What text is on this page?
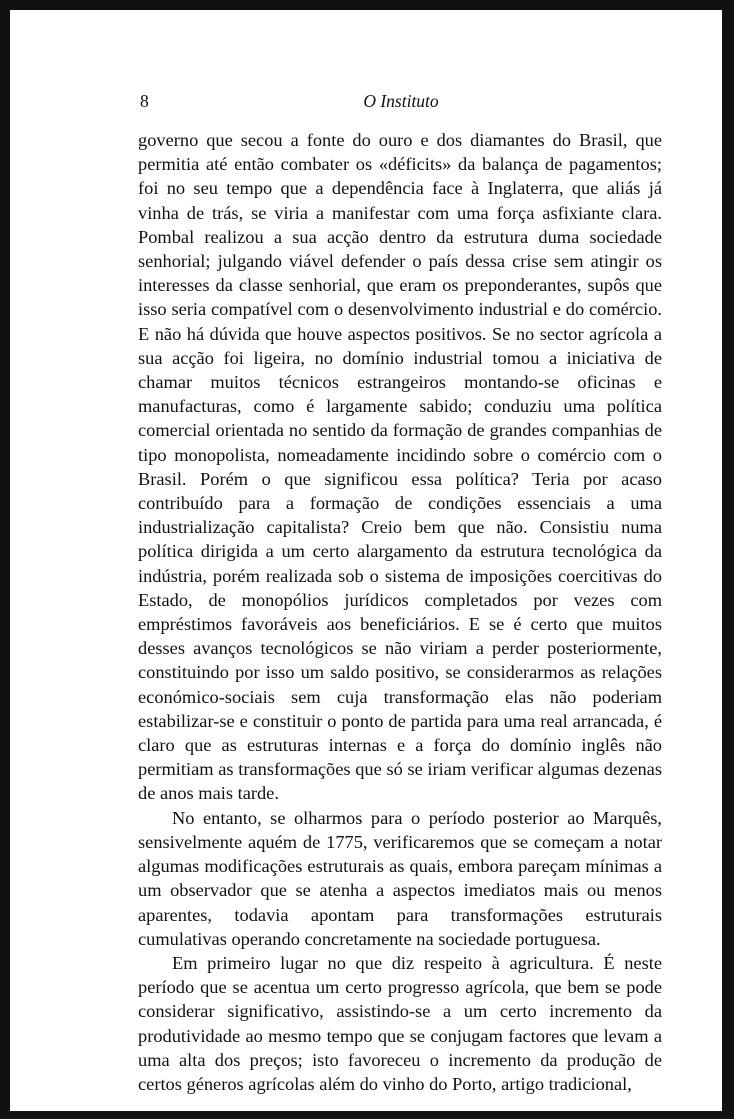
8	O Instituto

governo que secou a fonte do ouro e dos diamantes do Brasil, que permitia até então combater os «déficits» da balança de pagamentos; foi no seu tempo que a dependência face à Inglaterra, que aliás já vinha de trás, se viria a manifestar com uma força asfixiante clara. Pombal realizou a sua acção dentro da estrutura duma sociedade senhorial; julgando viável defender o país dessa crise sem atingir os interesses da classe senhorial, que eram os preponderantes, supôs que isso seria compatível com o desenvolvimento industrial e do comércio. E não há dúvida que houve aspectos positivos. Se no sector agrícola a sua acção foi ligeira, no domínio industrial tomou a iniciativa de chamar muitos técnicos estrangeiros montando-se oficinas e manufacturas, como é largamente sabido; conduziu uma política comercial orientada no sentido da formação de grandes companhias de tipo monopolista, nomeadamente incidindo sobre o comércio com o Brasil. Porém o que significou essa política? Teria por acaso contribuído para a formação de condições essenciais a uma industrialização capitalista? Creio bem que não. Consistiu numa política dirigida a um certo alargamento da estrutura tecnológica da indústria, porém realizada sob o sistema de imposições coercitivas do Estado, de monopólios jurídicos completados por vezes com empréstimos favoráveis aos beneficiários. E se é certo que muitos desses avanços tecnológicos se não viriam a perder posteriormente, constituindo por isso um saldo positivo, se considerarmos as relações económico-sociais sem cuja transformação elas não poderiam estabilizar-se e constituir o ponto de partida para uma real arrancada, é claro que as estruturas internas e a força do domínio inglês não permitiam as transformações que só se iriam verificar algumas dezenas de anos mais tarde.

No entanto, se olharmos para o período posterior ao Marquês, sensivelmente aquém de 1775, verificaremos que se começam a notar algumas modificações estruturais as quais, embora pareçam mínimas a um observador que se atenha a aspectos imediatos mais ou menos aparentes, todavia apontam para transformações estruturais cumulativas operando concretamente na sociedade portuguesa.

Em primeiro lugar no que diz respeito à agricultura. É neste período que se acentua um certo progresso agrícola, que bem se pode considerar significativo, assistindo-se a um certo incremento da produtividade ao mesmo tempo que se conjugam factores que levam a uma alta dos preços; isto favoreceu o incremento da produção de certos géneros agrícolas além do vinho do Porto, artigo tradicional,
